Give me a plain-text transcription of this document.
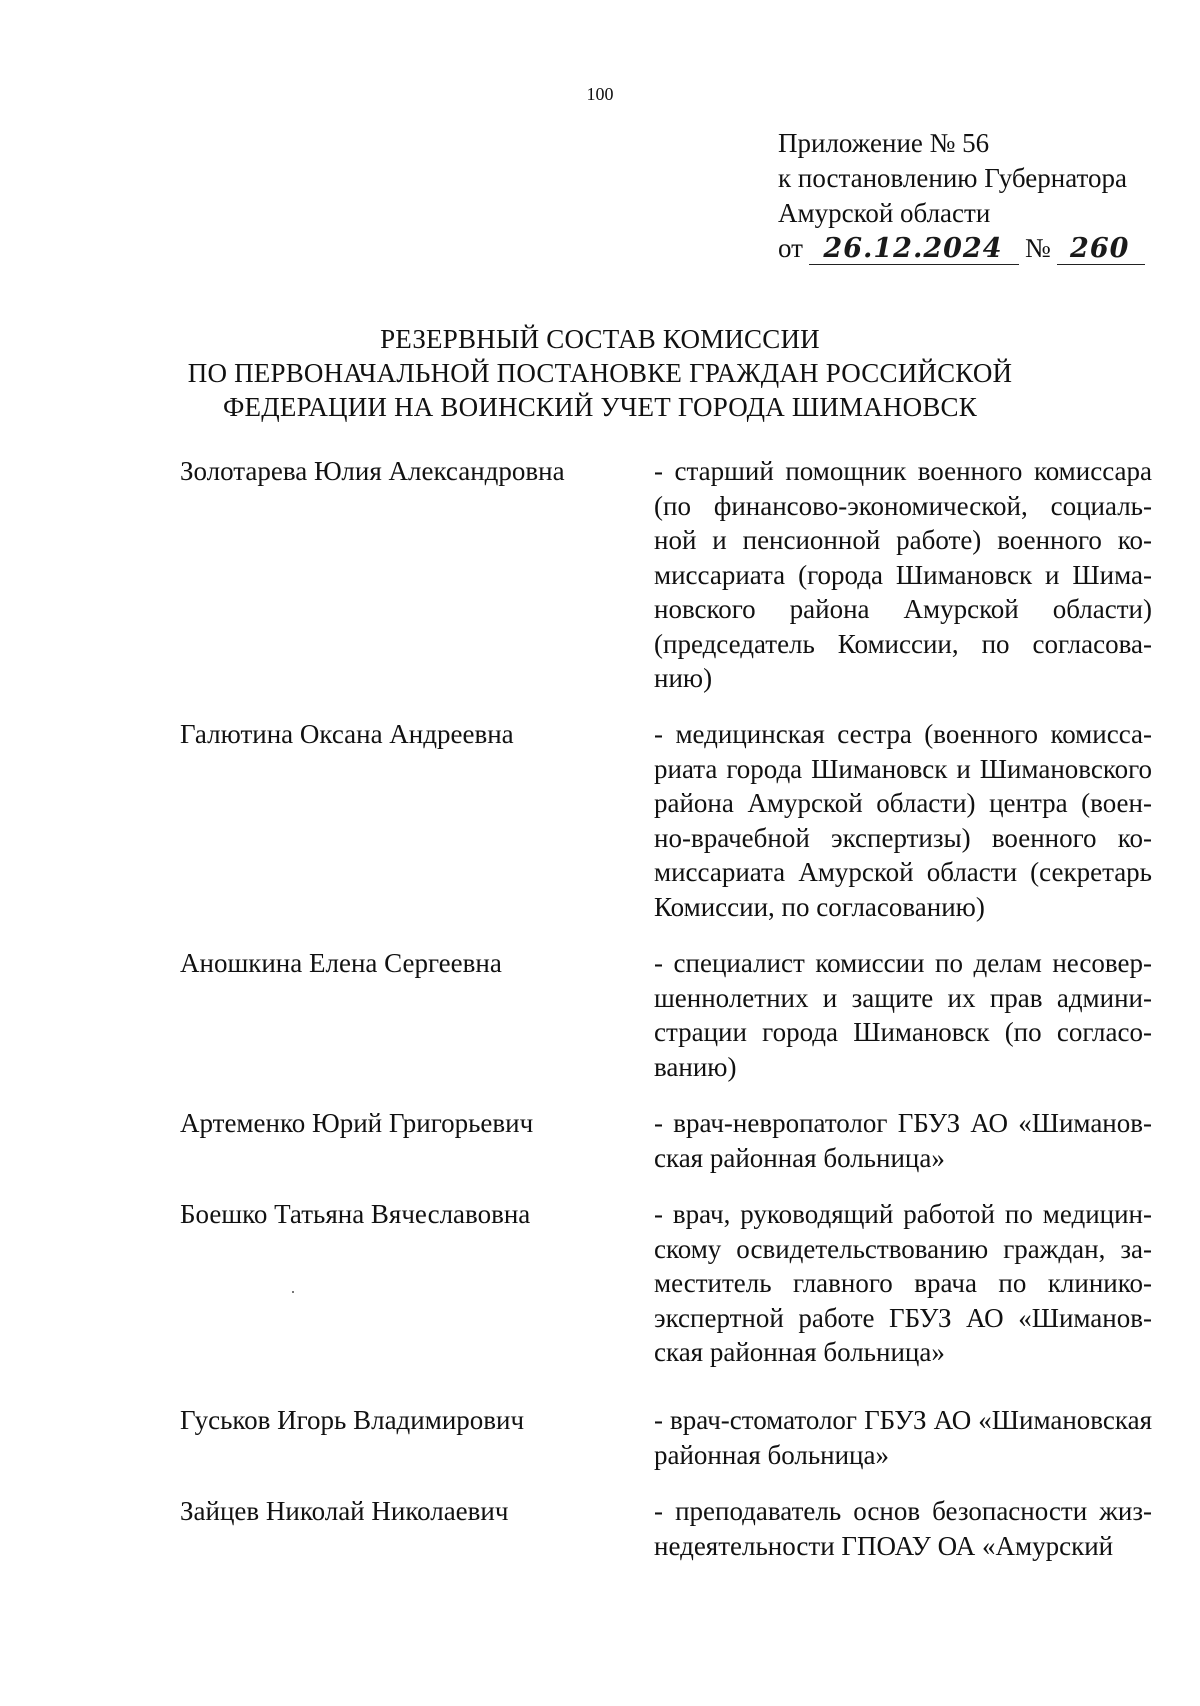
100
Приложение № 56
к постановлению Губернатора
Амурской области
от 26.12.2024 № 260
РЕЗЕРВНЫЙ СОСТАВ КОМИССИИ
ПО ПЕРВОНАЧАЛЬНОЙ ПОСТАНОВКЕ ГРАЖДАН РОССИЙСКОЙ
ФЕДЕРАЦИИ НА ВОИНСКИЙ УЧЕТ ГОРОДА ШИМАНОВСК
Золотарева Юлия Александровна	- старший помощник военного комиссара (по финансово-экономической, социальной и пенсионной работе) военного комиссариата (города Шимановск и Шимановского района Амурской области) (председатель Комиссии, по согласованию)
Галютина Оксана Андреевна	- медицинская сестра (военного комиссариата города Шимановск и Шимановского района Амурской области) центра (военно-врачебной экспертизы) военного комиссариата Амурской области (секретарь Комиссии, по согласованию)
Аношкина Елена Сергеевна	- специалист комиссии по делам несовершеннолетних и защите их прав администрации города Шимановск (по согласованию)
Артеменко Юрий Григорьевич	- врач-невропатолог ГБУЗ АО «Шимановская районная больница»
Боешко Татьяна Вячеславовна	- врач, руководящий работой по медицинскому освидетельствованию граждан, заместитель главного врача по клинико-экспертной работе ГБУЗ АО «Шимановская районная больница»
Гуськов Игорь Владимирович	- врач-стоматолог ГБУЗ АО «Шимановская районная больница»
Зайцев Николай Николаевич	- преподаватель основ безопасности жизнедеятельности ГПОАУ ОА «Амурский
